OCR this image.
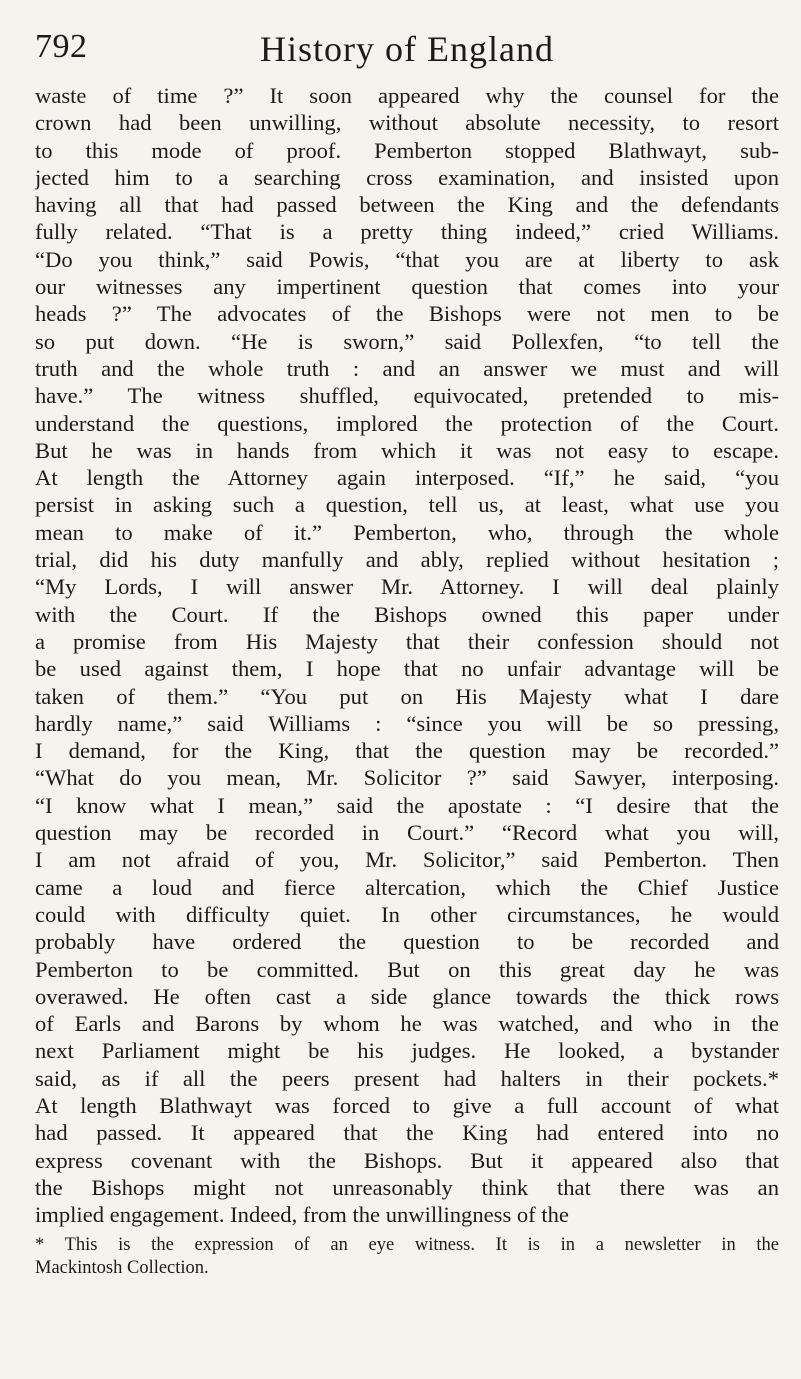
792	History of England
waste of time ?” It soon appeared why the counsel for the
crown had been unwilling, without absolute necessity, to resort
to this mode of proof. Pemberton stopped Blathwayt, sub-
jected him to a searching cross examination, and insisted upon
having all that had passed between the King and the defendants
fully related. “That is a pretty thing indeed,” cried Williams.
“Do you think,” said Powis, “that you are at liberty to ask
our witnesses any impertinent question that comes into your
heads ?” The advocates of the Bishops were not men to be
so put down. “He is sworn,” said Pollexfen, “to tell the
truth and the whole truth : and an answer we must and will
have.” The witness shuffled, equivocated, pretended to mis-
understand the questions, implored the protection of the Court.
But he was in hands from which it was not easy to escape.
At length the Attorney again interposed. “If,” he said, “you
persist in asking such a question, tell us, at least, what use you
mean to make of it.” Pemberton, who, through the whole
trial, did his duty manfully and ably, replied without hesitation ;
“My Lords, I will answer Mr. Attorney. I will deal plainly
with the Court. If the Bishops owned this paper under
a promise from His Majesty that their confession should not
be used against them, I hope that no unfair advantage will be
taken of them.” “You put on His Majesty what I dare
hardly name,” said Williams : “since you will be so pressing,
I demand, for the King, that the question may be recorded.”
“What do you mean, Mr. Solicitor ?” said Sawyer, interposing.
“I know what I mean,” said the apostate : “I desire that the
question may be recorded in Court.” “Record what you will,
I am not afraid of you, Mr. Solicitor,” said Pemberton. Then
came a loud and fierce altercation, which the Chief Justice
could with difficulty quiet. In other circumstances, he would
probably have ordered the question to be recorded and
Pemberton to be committed. But on this great day he was
overawed. He often cast a side glance towards the thick rows
of Earls and Barons by whom he was watched, and who in the
next Parliament might be his judges. He looked, a bystander
said, as if all the peers present had halters in their pockets.*
At length Blathwayt was forced to give a full account of what
had passed. It appeared that the King had entered into no
express covenant with the Bishops. But it appeared also that
the Bishops might not unreasonably think that there was an
implied engagement. Indeed, from the unwillingness of the
* This is the expression of an eye witness. It is in a newsletter in the
Mackintosh Collection.
